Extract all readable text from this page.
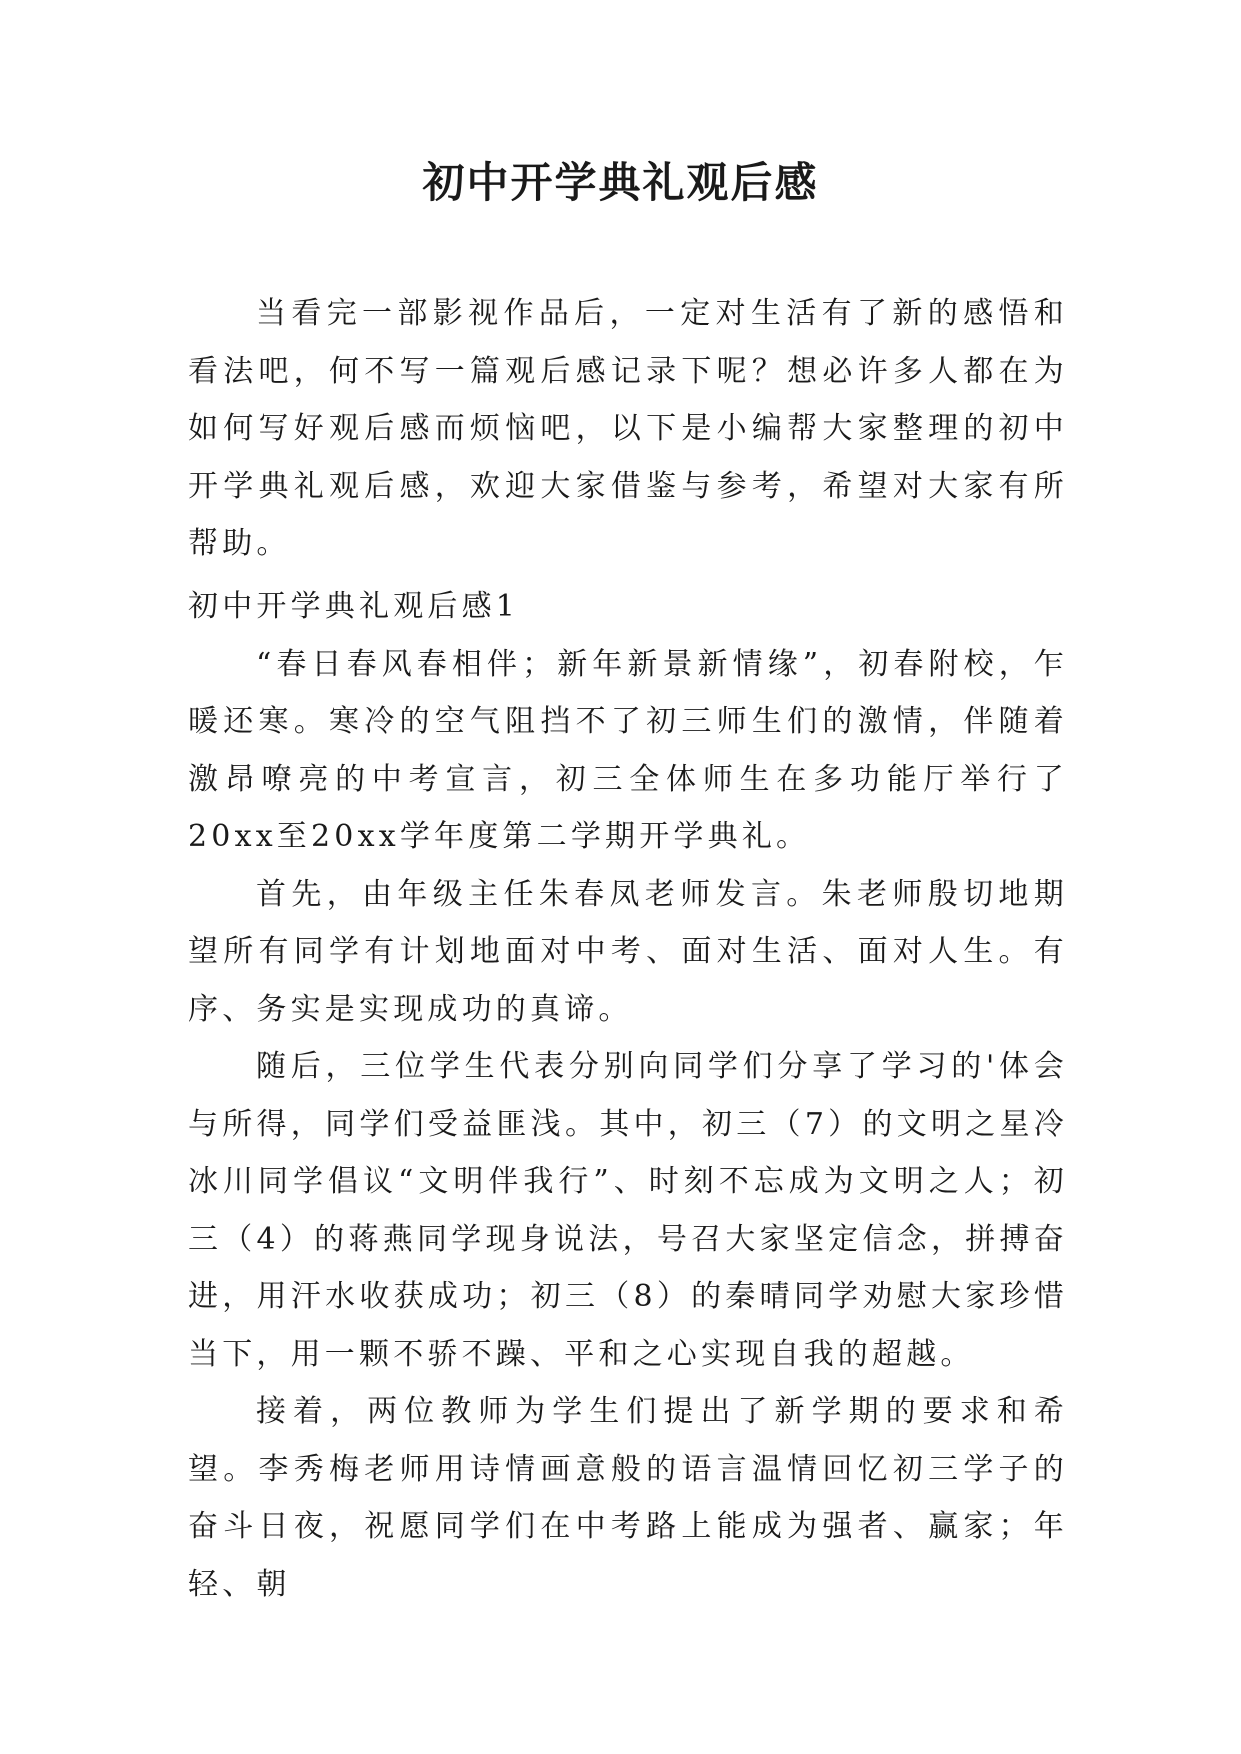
初中开学典礼观后感

当看完一部影视作品后，一定对生活有了新的感悟和看法吧，何不写一篇观后感记录下呢？想必许多人都在为如何写好观后感而烦恼吧，以下是小编帮大家整理的初中开学典礼观后感，欢迎大家借鉴与参考，希望对大家有所帮助。

初中开学典礼观后感1

“春日春风春相伴；新年新景新情缘”，初春附校，乍暖还寒。寒冷的空气阻挡不了初三师生们的激情，伴随着激昂嘹亮的中考宣言，初三全体师生在多功能厅举行了20xx至20xx学年度第二学期开学典礼。

首先，由年级主任朱春凤老师发言。朱老师殷切地期望所有同学有计划地面对中考、面对生活、面对人生。有序、务实是实现成功的真谛。

随后，三位学生代表分别向同学们分享了学习的'体会与所得，同学们受益匪浅。其中，初三（7）的文明之星冷冰川同学倡议“文明伴我行”、时刻不忘成为文明之人；初三（4）的蒋燕同学现身说法，号召大家坚定信念，拼搏奋进，用汗水收获成功；初三（8）的秦晴同学劝慰大家珍惜当下，用一颗不骄不躁、平和之心实现自我的超越。

接着，两位教师为学生们提出了新学期的要求和希望。李秀梅老师用诗情画意般的语言温情回忆初三学子的奋斗日夜，祝愿同学们在中考路上能成为强者、赢家；年轻、朝
